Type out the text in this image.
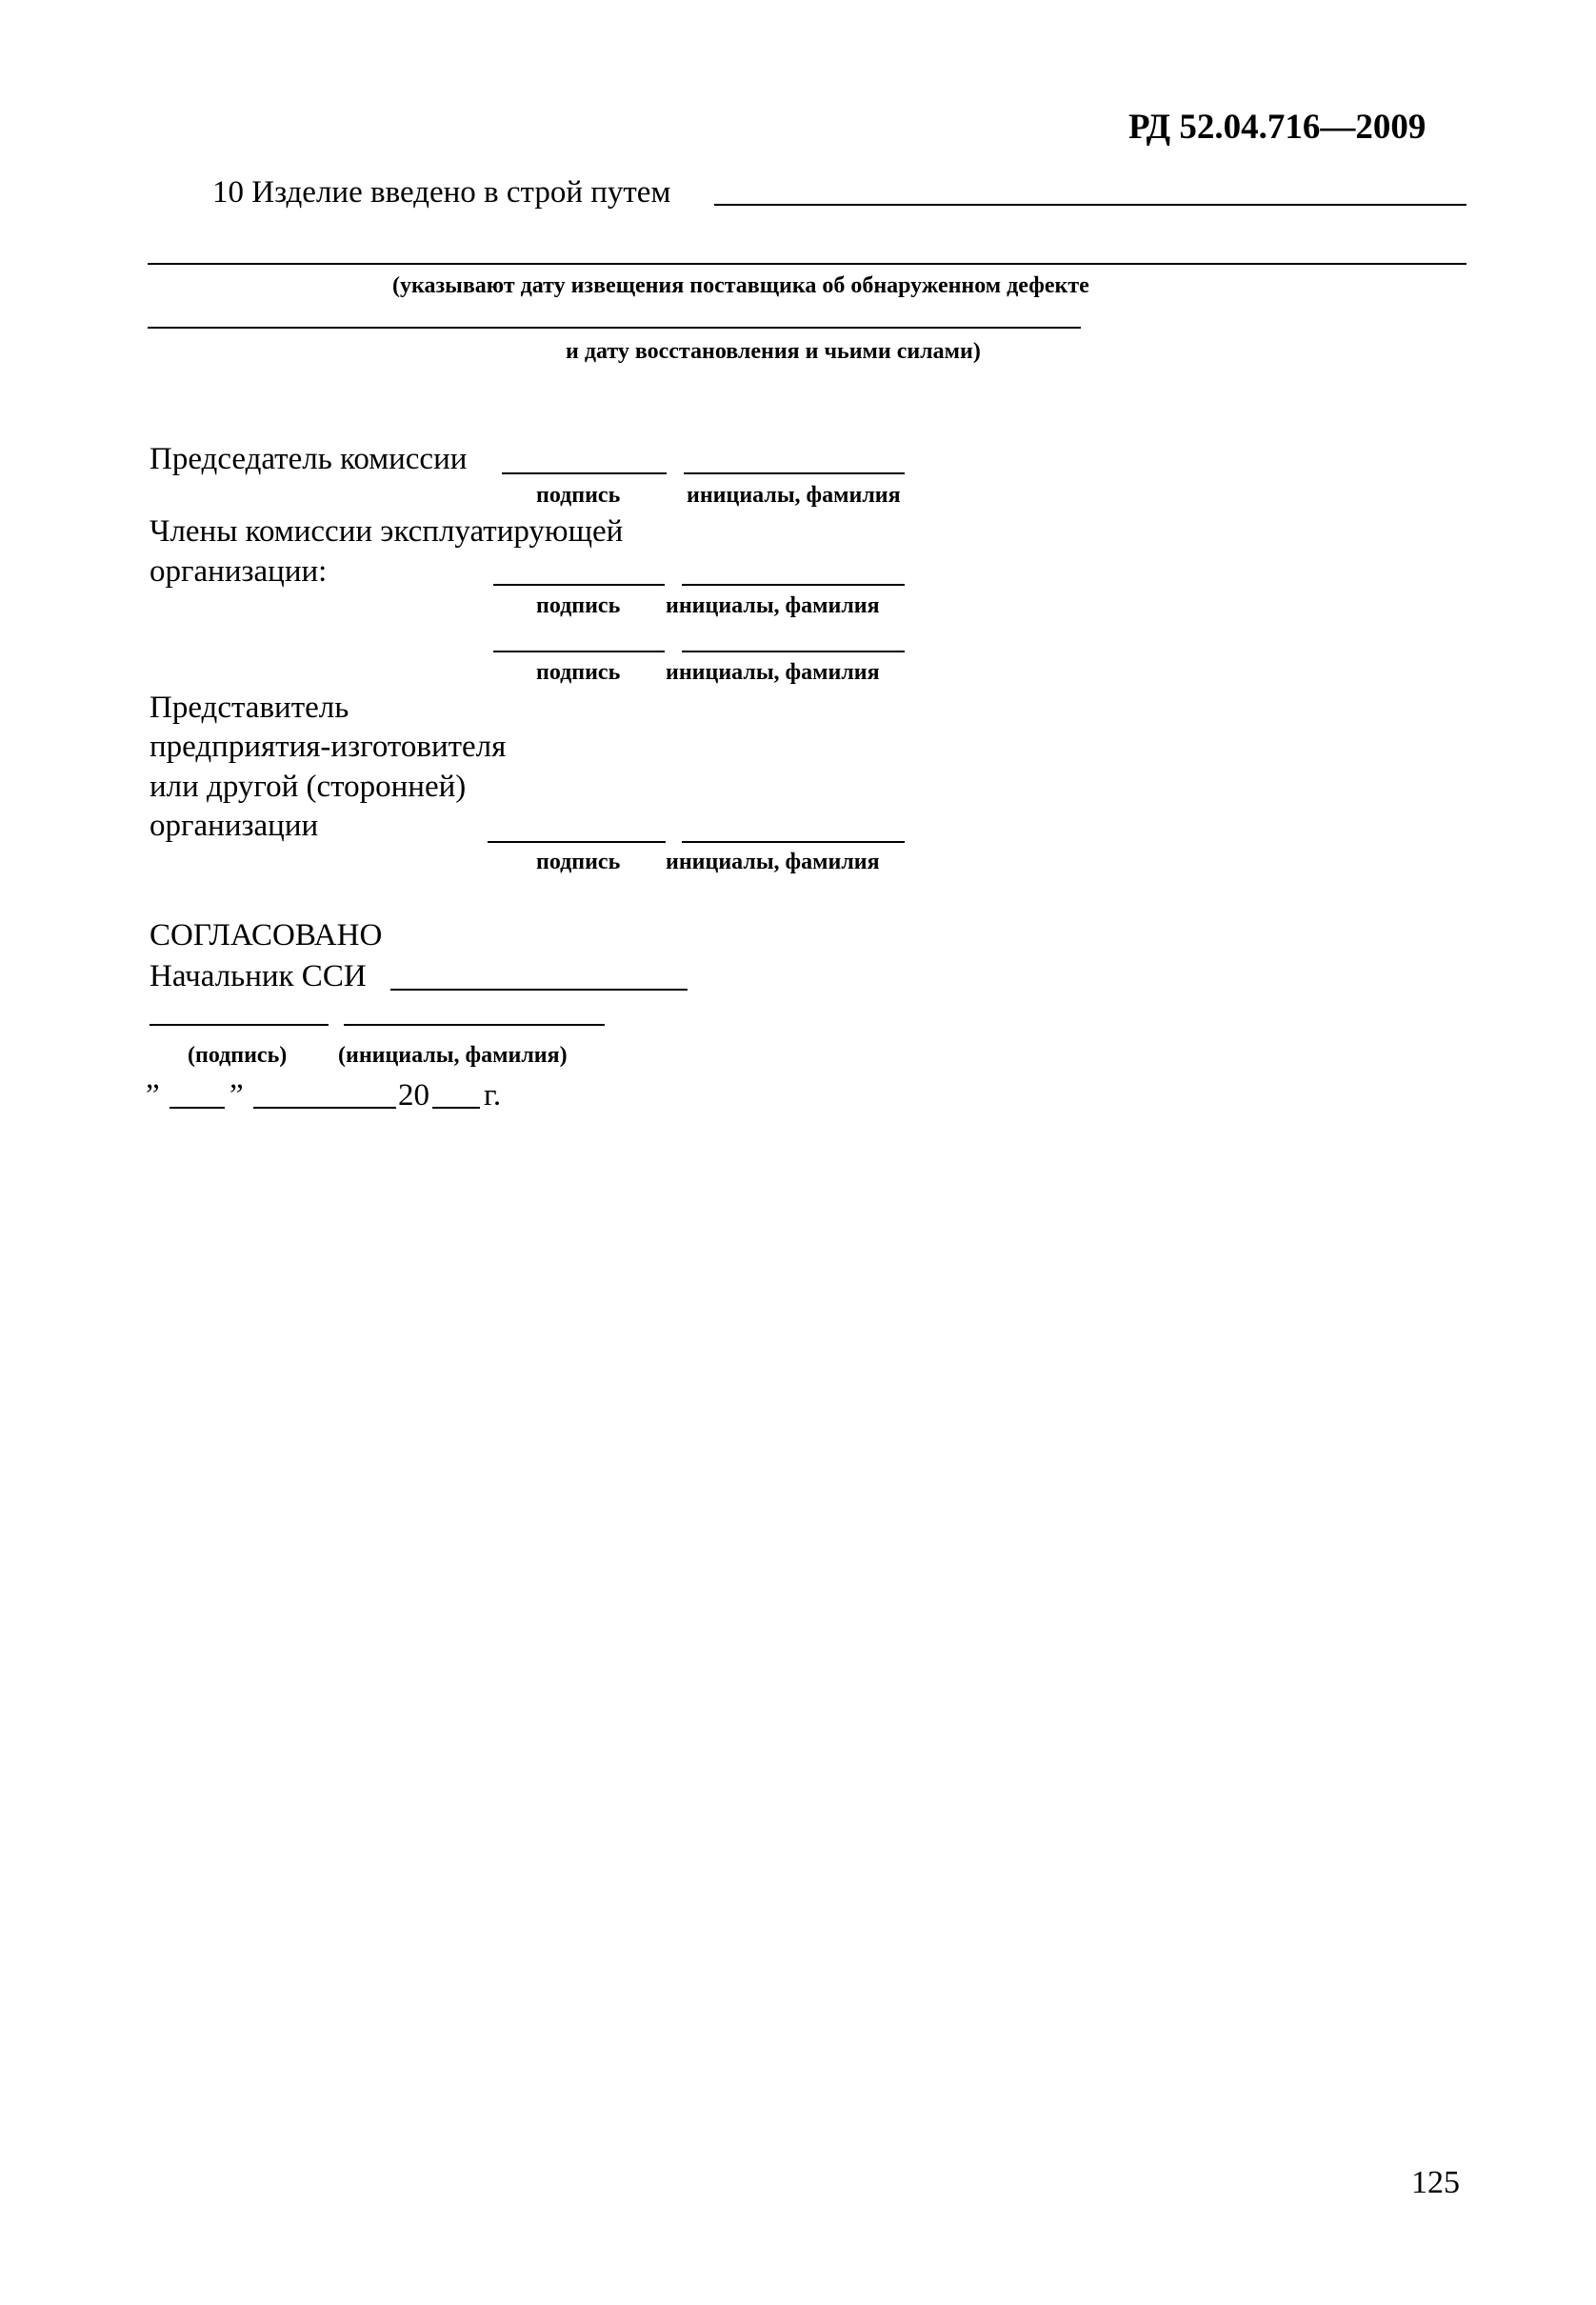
РД 52.04.716—2009
10 Изделие введено в строй путем
(указывают дату извещения поставщика об обнаруженном дефекте
и дату восстановления и чьими силами)
Председатель комиссии
подпись	инициалы, фамилия
Члены комиссии эксплуатирующей
организации:
подпись инициалы, фамилия
подпись инициалы, фамилия
Представитель
предприятия-изготовителя
или другой (сторонней)
организации
подпись инициалы, фамилия
СОГЛАСОВАНО
Начальник ССИ
(подпись) (инициалы, фамилия)
” ”	20 г.
125
